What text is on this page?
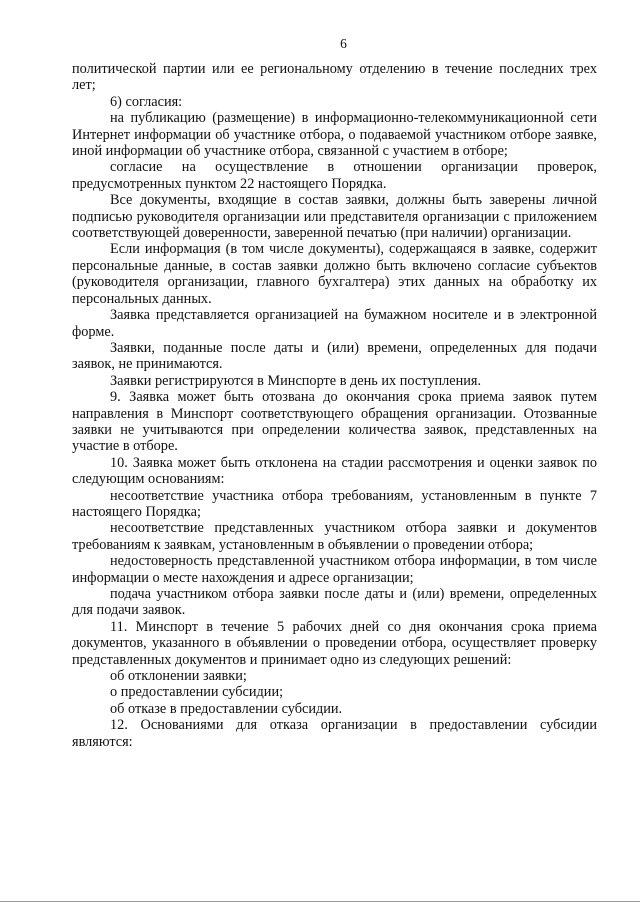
6

политической партии или ее региональному отделению в течение последних трех лет;

6) согласия:

на публикацию (размещение) в информационно-телекоммуникационной сети Интернет информации об участнике отбора, о подаваемой участником отборе заявке, иной информации об участнике отбора, связанной с участием в отборе;

согласие на осуществление в отношении организации проверок, предусмотренных пунктом 22 настоящего Порядка.

Все документы, входящие в состав заявки, должны быть заверены личной подписью руководителя организации или представителя организации с приложением соответствующей доверенности, заверенной печатью (при наличии) организации.

Если информация (в том числе документы), содержащаяся в заявке, содержит персональные данные, в состав заявки должно быть включено согласие субъектов (руководителя организации, главного бухгалтера) этих данных на обработку их персональных данных.

Заявка представляется организацией на бумажном носителе и в электронной форме.

Заявки, поданные после даты и (или) времени, определенных для подачи заявок, не принимаются.

Заявки регистрируются в Минспорте в день их поступления.

9. Заявка может быть отозвана до окончания срока приема заявок путем направления в Минспорт соответствующего обращения организации. Отозванные заявки не учитываются при определении количества заявок, представленных на участие в отборе.

10. Заявка может быть отклонена на стадии рассмотрения и оценки заявок по следующим основаниям:

несоответствие участника отбора требованиям, установленным в пункте 7 настоящего Порядка;

несоответствие представленных участником отбора заявки и документов требованиям к заявкам, установленным в объявлении о проведении отбора;

недостоверность представленной участником отбора информации, в том числе информации о месте нахождения и адресе организации;

подача участником отбора заявки после даты и (или) времени, определенных для подачи заявок.

11. Минспорт в течение 5 рабочих дней со дня окончания срока приема документов, указанного в объявлении о проведении отбора, осуществляет проверку представленных документов и принимает одно из следующих решений:

об отклонении заявки;

о предоставлении субсидии;

об отказе в предоставлении субсидии.

12. Основаниями для отказа организации в предоставлении субсидии являются:
